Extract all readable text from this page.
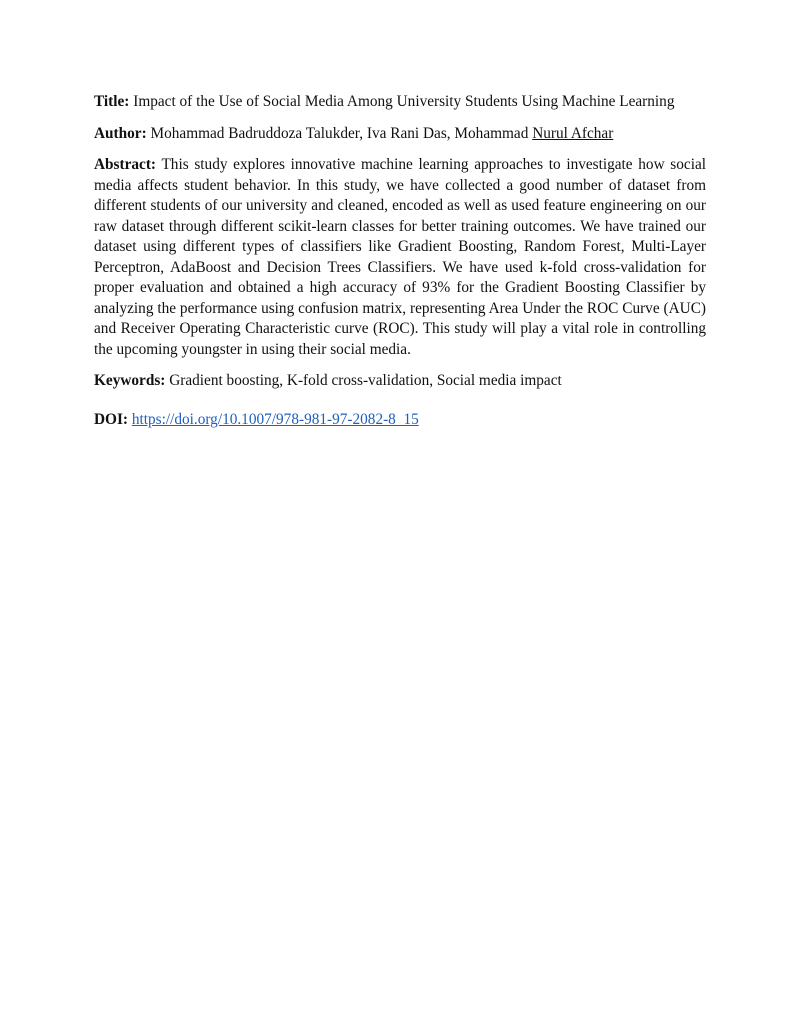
Title: Impact of the Use of Social Media Among University Students Using Machine Learning

Author: Mohammad Badruddoza Talukder, Iva Rani Das, Mohammad Nurul Afchar

Abstract: This study explores innovative machine learning approaches to investigate how social media affects student behavior. In this study, we have collected a good number of dataset from different students of our university and cleaned, encoded as well as used feature engineering on our raw dataset through different scikit-learn classes for better training outcomes. We have trained our dataset using different types of classifiers like Gradient Boosting, Random Forest, Multi-Layer Perceptron, AdaBoost and Decision Trees Classifiers. We have used k-fold cross-validation for proper evaluation and obtained a high accuracy of 93% for the Gradient Boosting Classifier by analyzing the performance using confusion matrix, representing Area Under the ROC Curve (AUC) and Receiver Operating Characteristic curve (ROC). This study will play a vital role in controlling the upcoming youngster in using their social media.

Keywords: Gradient boosting, K-fold cross-validation, Social media impact

DOI: https://doi.org/10.1007/978-981-97-2082-8_15
